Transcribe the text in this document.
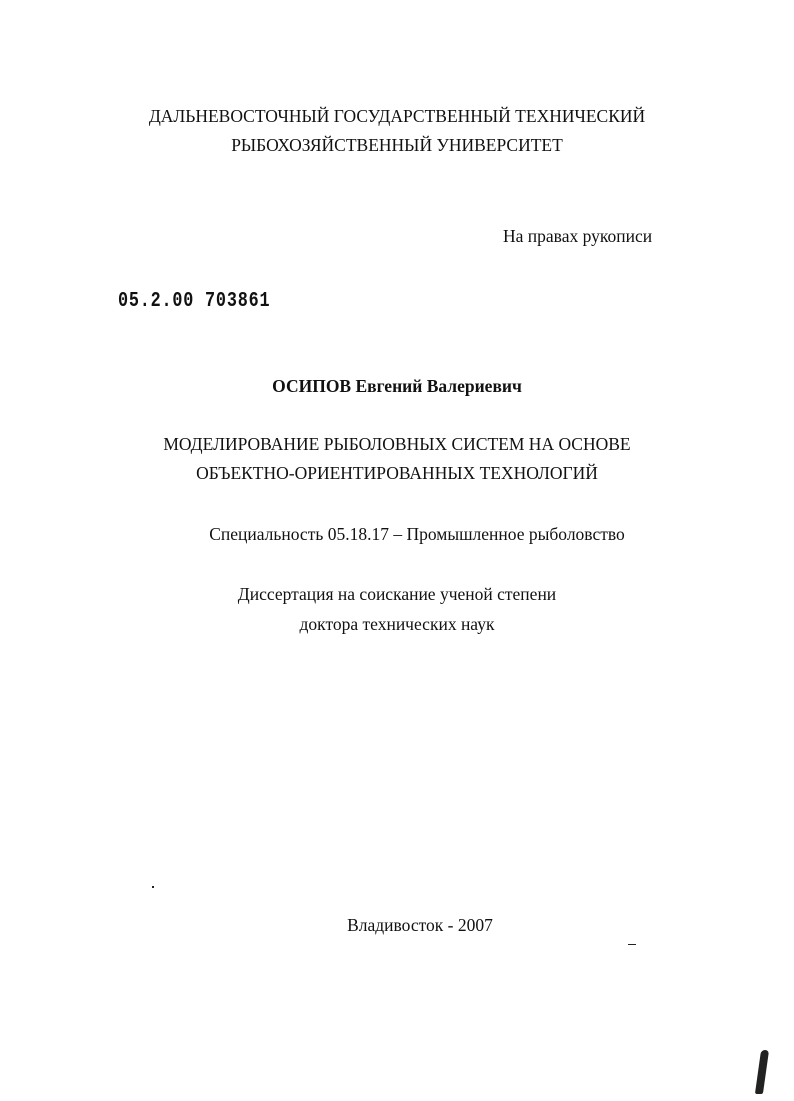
ДАЛЬНЕВОСТОЧНЫЙ ГОСУДАРСТВЕННЫЙ ТЕХНИЧЕСКИЙ
РЫБОХОЗЯЙСТВЕННЫЙ УНИВЕРСИТЕТ
На правах рукописи
05.2.00 703861
ОСИПОВ Евгений Валериевич
МОДЕЛИРОВАНИЕ РЫБОЛОВНЫХ СИСТЕМ НА ОСНОВЕ
ОБЪЕКТНО-ОРИЕНТИРОВАННЫХ ТЕХНОЛОГИЙ
Специальность 05.18.17 – Промышленное рыболовство
Диссертация на соискание ученой степени
доктора технических наук
Владивосток - 2007
